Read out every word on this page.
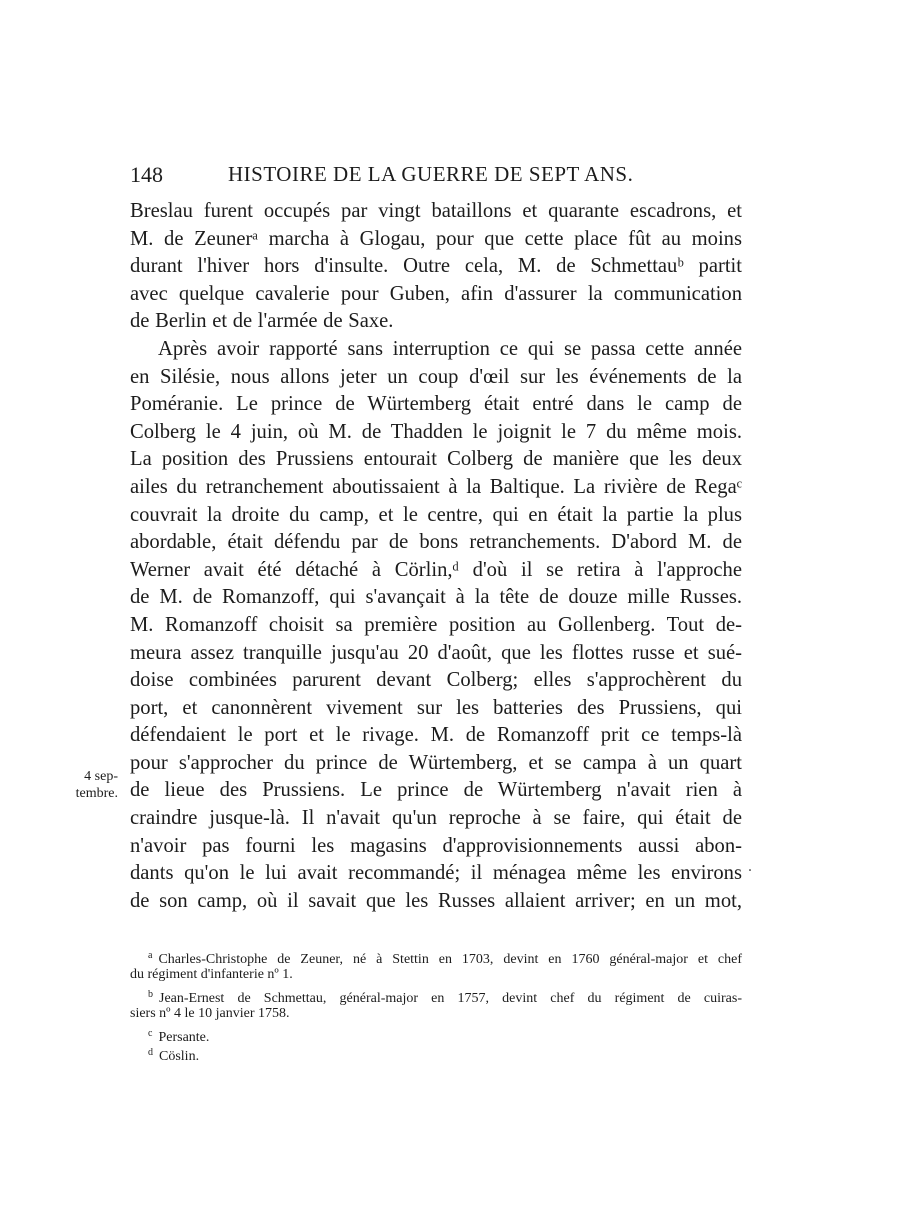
148	HISTOIRE DE LA GUERRE DE SEPT ANS.
Breslau furent occupés par vingt bataillons et quarante escadrons, et
M. de Zeunerᵃ marcha à Glogau, pour que cette place fût au moins
durant l'hiver hors d'insulte. Outre cela, M. de Schmettauᵇ partit
avec quelque cavalerie pour Guben, afin d'assurer la communication
de Berlin et de l'armée de Saxe.
Après avoir rapporté sans interruption ce qui se passa cette année
en Silésie, nous allons jeter un coup d'œil sur les événements de la
Poméranie. Le prince de Würtemberg était entré dans le camp de
Colberg le 4 juin, où M. de Thadden le joignit le 7 du même mois.
La position des Prussiens entourait Colberg de manière que les deux
ailes du retranchement aboutissaient à la Baltique. La rivière de Regaᶜ
couvrait la droite du camp, et le centre, qui en était la partie la plus
abordable, était défendu par de bons retranchements. D'abord M. de
Werner avait été détaché à Cörlin,ᵈ d'où il se retira à l'approche
de M. de Romanzoff, qui s'avançait à la tête de douze mille Russes.
M. Romanzoff choisit sa première position au Gollenberg. Tout de-
meura assez tranquille jusqu'au 20 d'août, que les flottes russe et sué-
doise combinées parurent devant Colberg; elles s'approchèrent du
port, et canonnèrent vivement sur les batteries des Prussiens, qui
défendaient le port et le rivage. M. de Romanzoff prit ce temps-là
pour s'approcher du prince de Würtemberg, et se campa à un quart
de lieue des Prussiens. Le prince de Würtemberg n'avait rien à
craindre jusque-là. Il n'avait qu'un reproche à se faire, qui était de
n'avoir pas fourni les magasins d'approvisionnements aussi abon-
dants qu'on le lui avait recommandé; il ménagea même les environs
de son camp, où il savait que les Russes allaient arriver; en un mot,
4 sep-
tembre.
.
$^a$ Charles-Christophe de Zeuner, né à Stettin en 1703, devint en 1760 général-major et chef
du régiment d'infanterie nº 1.
$^b$ Jean-Ernest de Schmettau, général-major en 1757, devint chef du régiment de cuiras-
siers nº 4 le 10 janvier 1758.
$^c$ Persante.
$^d$ Cöslin.
